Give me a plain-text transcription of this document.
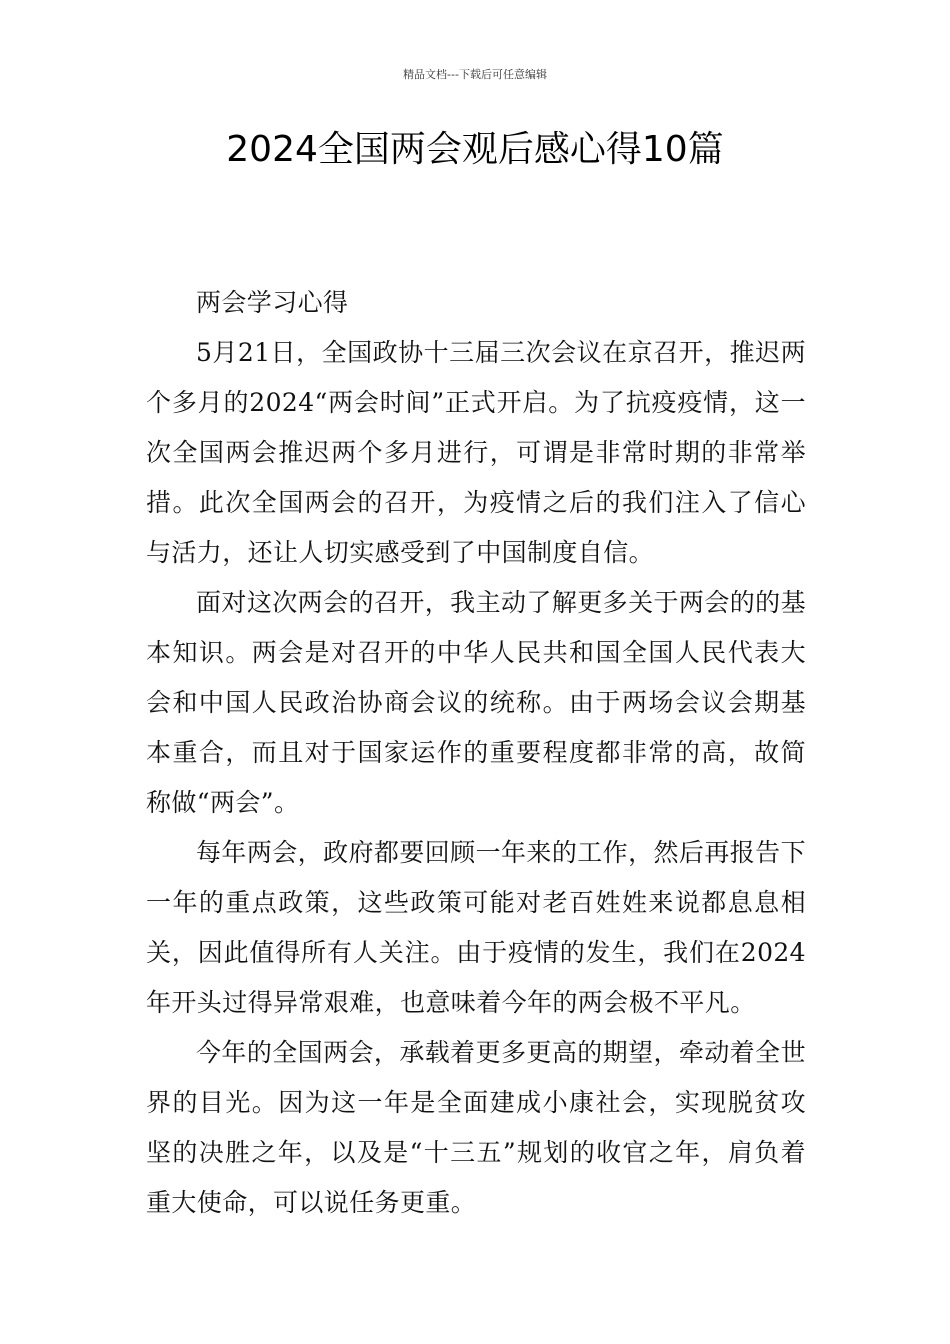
精品文档---下载后可任意编辑
2024全国两会观后感心得10篇

两会学习心得

5月21日，全国政协十三届三次会议在京召开，推迟两个多月的2024“两会时间”正式开启。为了抗疫疫情，这一次全国两会推迟两个多月进行，可谓是非常时期的非常举措。此次全国两会的召开，为疫情之后的我们注入了信心与活力，还让人切实感受到了中国制度自信。

面对这次两会的召开，我主动了解更多关于两会的的基本知识。两会是对召开的中华人民共和国全国人民代表大会和中国人民政治协商会议的统称。由于两场会议会期基本重合，而且对于国家运作的重要程度都非常的高，故简称做“两会”。

每年两会，政府都要回顾一年来的工作，然后再报告下一年的重点政策，这些政策可能对老百姓姓来说都息息相关，因此值得所有人关注。由于疫情的发生，我们在2024年开头过得异常艰难，也意味着今年的两会极不平凡。

今年的全国两会，承载着更多更高的期望，牵动着全世界的目光。因为这一年是全面建成小康社会，实现脱贫攻坚的决胜之年，以及是“十三五”规划的收官之年，肩负着重大使命，可以说任务更重。
